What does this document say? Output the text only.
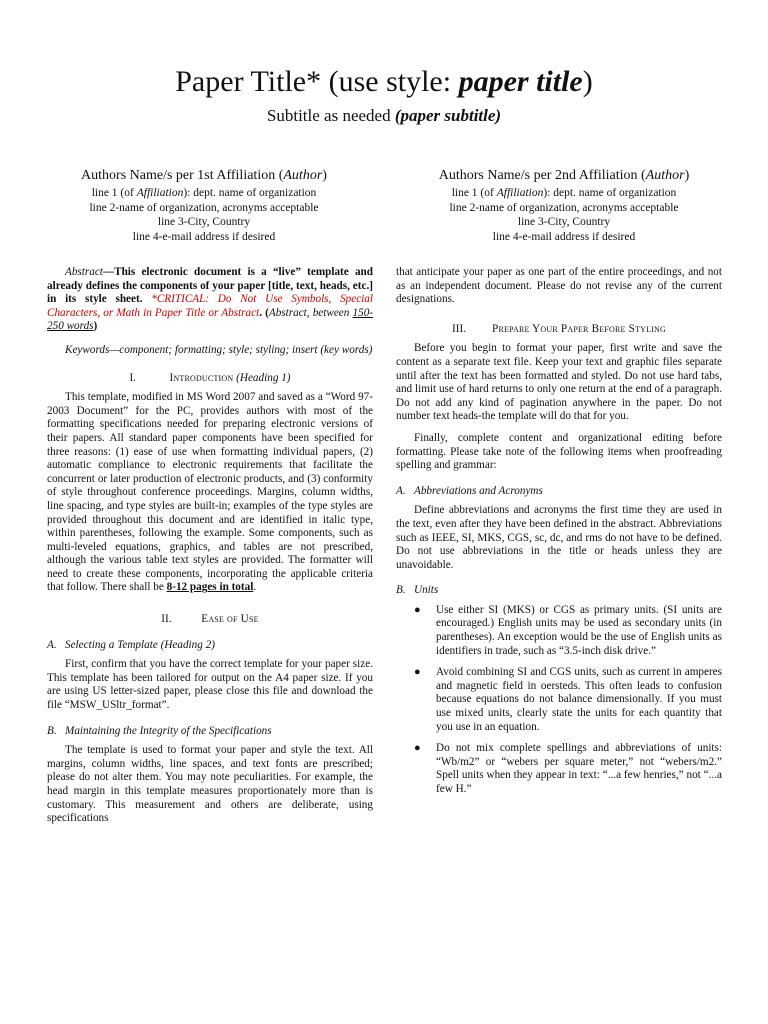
Paper Title* (use style: paper title)
Subtitle as needed (paper subtitle)
Authors Name/s per 1st Affiliation (Author)
line 1 (of Affiliation): dept. name of organization
line 2-name of organization, acronyms acceptable
line 3-City, Country
line 4-e-mail address if desired
Authors Name/s per 2nd Affiliation (Author)
line 1 (of Affiliation): dept. name of organization
line 2-name of organization, acronyms acceptable
line 3-City, Country
line 4-e-mail address if desired

Abstract—This electronic document is a “live” template and already defines the components of your paper [title, text, heads, etc.] in its style sheet. *CRITICAL: Do Not Use Symbols, Special Characters, or Math in Paper Title or Abstract. (Abstract, between 150-250 words)

Keywords—component; formatting; style; styling; insert (key words)

I.	Introduction (Heading 1)

This template, modified in MS Word 2007 and saved as a “Word 97-2003 Document” for the PC, provides authors with most of the formatting specifications needed for preparing electronic versions of their papers. All standard paper components have been specified for three reasons: (1) ease of use when formatting individual papers, (2) automatic compliance to electronic requirements that facilitate the concurrent or later production of electronic products, and (3) conformity of style throughout conference proceedings. Margins, column widths, line spacing, and type styles are built-in; examples of the type styles are provided throughout this document and are identified in italic type, within parentheses, following the example. Some components, such as multi-leveled equations, graphics, and tables are not prescribed, although the various table text styles are provided. The formatter will need to create these components, incorporating the applicable criteria that follow. There shall be 8-12 pages in total.

II.	Ease of Use
A. Selecting a Template (Heading 2)

First, confirm that you have the correct template for your paper size. This template has been tailored for output on the A4 paper size. If you are using US letter-sized paper, please close this file and download the file “MSW_USltr_format”.

B. Maintaining the Integrity of the Specifications

The template is used to format your paper and style the text. All margins, column widths, line spaces, and text fonts are prescribed; please do not alter them. You may note peculiarities. For example, the head margin in this template measures proportionately more than is customary. This measurement and others are deliberate, using specifications

that anticipate your paper as one part of the entire proceedings, and not as an independent document. Please do not revise any of the current designations.

III. Prepare Your Paper Before Styling

Before you begin to format your paper, first write and save the content as a separate text file. Keep your text and graphic files separate until after the text has been formatted and styled. Do not use hard tabs, and limit use of hard returns to only one return at the end of a paragraph. Do not add any kind of pagination anywhere in the paper. Do not number text heads-the template will do that for you.

Finally, complete content and organizational editing before formatting. Please take note of the following items when proofreading spelling and grammar:

A. Abbreviations and Acronyms

Define abbreviations and acronyms the first time they are used in the text, even after they have been defined in the abstract. Abbreviations such as IEEE, SI, MKS, CGS, sc, dc, and rms do not have to be defined. Do not use abbreviations in the title or heads unless they are unavoidable.

B. Units
● Use either SI (MKS) or CGS as primary units. (SI units are encouraged.) English units may be used as secondary units (in parentheses). An exception would be the use of English units as identifiers in trade, such as “3.5-inch disk drive.”
● Avoid combining SI and CGS units, such as current in amperes and magnetic field in oersteds. This often leads to confusion because equations do not balance dimensionally. If you must use mixed units, clearly state the units for each quantity that you use in an equation.
● Do not mix complete spellings and abbreviations of units: “Wb/m2” or “webers per square meter,” not “webers/m2.” Spell units when they appear in text: “...a few henries,” not “...a few H.”
